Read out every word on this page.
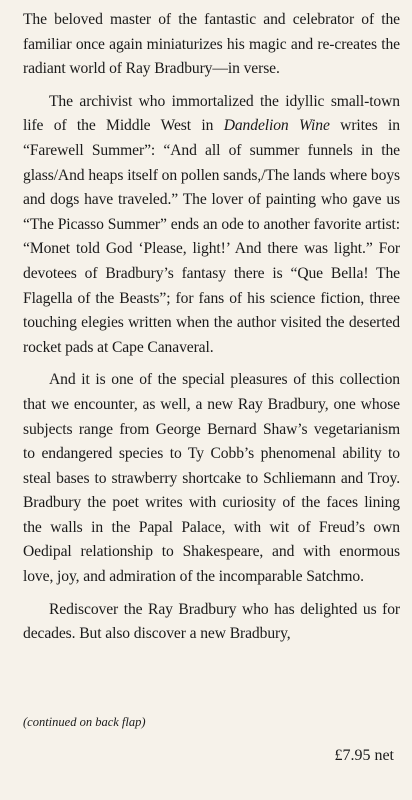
The beloved master of the fantastic and celebrator of the familiar once again miniaturizes his magic and re-creates the radiant world of Ray Bradbury—in verse.

The archivist who immortalized the idyllic small-town life of the Middle West in Dandelion Wine writes in “Farewell Summer”: “And all of summer funnels in the glass/And heaps itself on pollen sands,/The lands where boys and dogs have traveled.” The lover of painting who gave us “The Picasso Summer” ends an ode to another favorite artist: “Monet told God ‘Please, light!’ And there was light.” For devotees of Bradbury’s fantasy there is “Que Bella! The Flagella of the Beasts”; for fans of his science fiction, three touching elegies written when the author visited the deserted rocket pads at Cape Canaveral.

And it is one of the special pleasures of this collection that we encounter, as well, a new Ray Bradbury, one whose subjects range from George Bernard Shaw’s vegetarianism to endangered species to Ty Cobb’s phenomenal ability to steal bases to strawberry shortcake to Schliemann and Troy. Bradbury the poet writes with curiosity of the faces lining the walls in the Papal Palace, with wit of Freud’s own Oedipal relationship to Shakespeare, and with enormous love, joy, and admiration of the incomparable Satchmo.

Rediscover the Ray Bradbury who has delighted us for decades. But also discover a new Bradbury,

(continued on back flap)
£7.95 net
